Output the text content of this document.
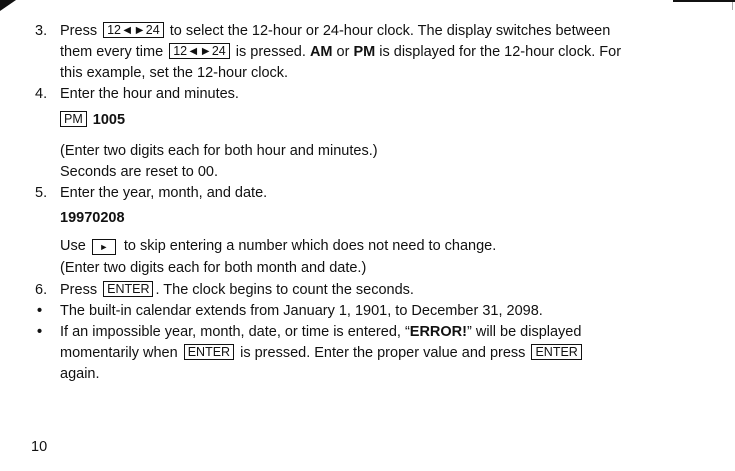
3. Press 12◄►24 to select the 12-hour or 24-hour clock. The display switches between
them every time 12◄►24 is pressed. AM or PM is displayed for the 12-hour clock. For
this example, set the 12-hour clock.
4. Enter the hour and minutes.
PM 1005
(Enter two digits each for both hour and minutes.)
Seconds are reset to 00.
5. Enter the year, month, and date.
19970208
Use ► to skip entering a number which does not need to change.
(Enter two digits each for both month and date.)
6. Press ENTER . The clock begins to count the seconds.
• The built-in calendar extends from January 1, 1901, to December 31, 2098.
• If an impossible year, month, date, or time is entered, “ERROR!” will be displayed
momentarily when ENTER is pressed. Enter the proper value and press ENTER
again.
10
